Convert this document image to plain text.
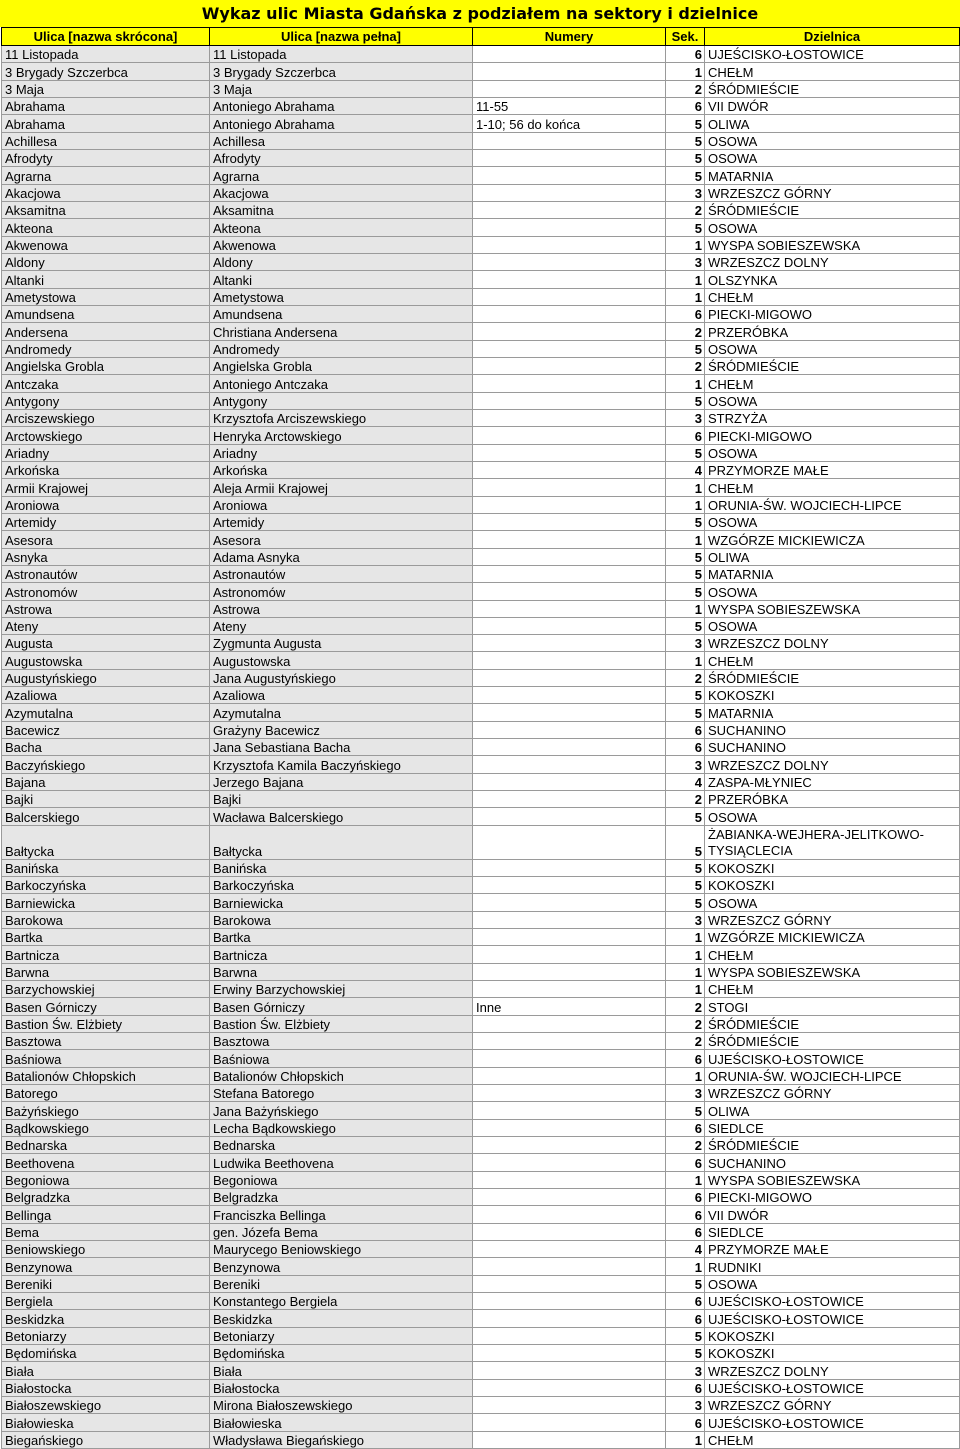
Wykaz ulic Miasta Gdańska z podziałem na sektory i dzielnice
Ulica [nazwa skrócona]	Ulica [nazwa pełna]	Numery	Sek.	Dzielnica
11 Listopada	11 Listopada		6	UJEŚCISKO-ŁOSTOWICE
3 Brygady Szczerbca	3 Brygady Szczerbca		1	CHEŁM
3 Maja	3 Maja		2	ŚRÓDMIEŚCIE
Abrahama	Antoniego Abrahama	11-55	6	VII DWÓR
Abrahama	Antoniego Abrahama	1-10; 56 do końca	5	OLIWA
Achillesa	Achillesa		5	OSOWA
Afrodyty	Afrodyty		5	OSOWA
Agrarna	Agrarna		5	MATARNIA
Akacjowa	Akacjowa		3	WRZESZCZ GÓRNY
Aksamitna	Aksamitna		2	ŚRÓDMIEŚCIE
Akteona	Akteona		5	OSOWA
Akwenowa	Akwenowa		1	WYSPA SOBIESZEWSKA
Aldony	Aldony		3	WRZESZCZ DOLNY
Altanki	Altanki		1	OLSZYNKA
Ametystowa	Ametystowa		1	CHEŁM
Amundsena	Amundsena		6	PIECKI-MIGOWO
Andersena	Christiana Andersena		2	PRZERÓBKA
Andromedy	Andromedy		5	OSOWA
Angielska Grobla	Angielska Grobla		2	ŚRÓDMIEŚCIE
Antczaka	Antoniego Antczaka		1	CHEŁM
Antygony	Antygony		5	OSOWA
Arciszewskiego	Krzysztofa Arciszewskiego		3	STRZYŻA
Arctowskiego	Henryka Arctowskiego		6	PIECKI-MIGOWO
Ariadny	Ariadny		5	OSOWA
Arkońska	Arkońska		4	PRZYMORZE MAŁE
Armii Krajowej	Aleja Armii Krajowej		1	CHEŁM
Aroniowa	Aroniowa		1	ORUNIA-ŚW. WOJCIECH-LIPCE
Artemidy	Artemidy		5	OSOWA
Asesora	Asesora		1	WZGÓRZE MICKIEWICZA
Asnyka	Adama Asnyka		5	OLIWA
Astronautów	Astronautów		5	MATARNIA
Astronomów	Astronomów		5	OSOWA
Astrowa	Astrowa		1	WYSPA SOBIESZEWSKA
Ateny	Ateny		5	OSOWA
Augusta	Zygmunta Augusta		3	WRZESZCZ DOLNY
Augustowska	Augustowska		1	CHEŁM
Augustyńskiego	Jana Augustyńskiego		2	ŚRÓDMIEŚCIE
Azaliowa	Azaliowa		5	KOKOSZKI
Azymutalna	Azymutalna		5	MATARNIA
Bacewicz	Grażyny Bacewicz		6	SUCHANINO
Bacha	Jana Sebastiana Bacha		6	SUCHANINO
Baczyńskiego	Krzysztofa Kamila Baczyńskiego		3	WRZESZCZ DOLNY
Bajana	Jerzego Bajana		4	ZASPA-MŁYNIEC
Bajki	Bajki		2	PRZERÓBKA
Balcerskiego	Wacława Balcerskiego		5	OSOWA
Bałtycka	Bałtycka		5	ŻABIANKA-WEJHERA-JELITKOWO-TYSIĄCLECIA
Banińska	Banińska		5	KOKOSZKI
Barkoczyńska	Barkoczyńska		5	KOKOSZKI
Barniewicka	Barniewicka		5	OSOWA
Barokowa	Barokowa		3	WRZESZCZ GÓRNY
Bartka	Bartka		1	WZGÓRZE MICKIEWICZA
Bartnicza	Bartnicza		1	CHEŁM
Barwna	Barwna		1	WYSPA SOBIESZEWSKA
Barzychowskiej	Erwiny Barzychowskiej		1	CHEŁM
Basen Górniczy	Basen Górniczy	Inne	2	STOGI
Bastion Św. Elżbiety	Bastion Św. Elżbiety		2	ŚRÓDMIEŚCIE
Basztowa	Basztowa		2	ŚRÓDMIEŚCIE
Baśniowa	Baśniowa		6	UJEŚCISKO-ŁOSTOWICE
Batalionów Chłopskich	Batalionów Chłopskich		1	ORUNIA-ŚW. WOJCIECH-LIPCE
Batorego	Stefana Batorego		3	WRZESZCZ GÓRNY
Bażyńskiego	Jana Bażyńskiego		5	OLIWA
Bądkowskiego	Lecha Bądkowskiego		6	SIEDLCE
Bednarska	Bednarska		2	ŚRÓDMIEŚCIE
Beethovena	Ludwika Beethovena		6	SUCHANINO
Begoniowa	Begoniowa		1	WYSPA SOBIESZEWSKA
Belgradzka	Belgradzka		6	PIECKI-MIGOWO
Bellinga	Franciszka Bellinga		6	VII DWÓR
Bema	gen. Józefa Bema		6	SIEDLCE
Beniowskiego	Maurycego Beniowskiego		4	PRZYMORZE MAŁE
Benzynowa	Benzynowa		1	RUDNIKI
Bereniki	Bereniki		5	OSOWA
Bergiela	Konstantego Bergiela		6	UJEŚCISKO-ŁOSTOWICE
Beskidzka	Beskidzka		6	UJEŚCISKO-ŁOSTOWICE
Betoniarzy	Betoniarzy		5	KOKOSZKI
Będomińska	Będomińska		5	KOKOSZKI
Biała	Biała		3	WRZESZCZ DOLNY
Białostocka	Białostocka		6	UJEŚCISKO-ŁOSTOWICE
Białoszewskiego	Mirona Białoszewskiego		3	WRZESZCZ GÓRNY
Białowieska	Białowieska		6	UJEŚCISKO-ŁOSTOWICE
Biegańskiego	Władysława Biegańskiego		1	CHEŁM
